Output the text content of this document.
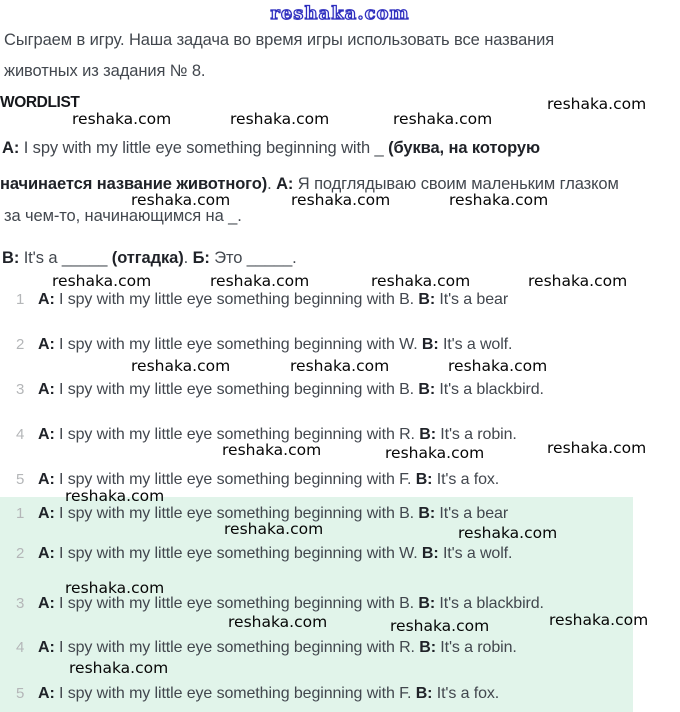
reshaka.com
Сыграем в игру. Наша задача во время игры использовать все названия
животных из задания № 8.
WORDLIST
A: I spy with my little eye something beginning with _ (буква, на которую
начинается название животного). А: Я подглядываю своим маленьким глазком
за чем-то, начинающимся на _.
B: It's a _____ (отгадка). Б: Это _____.
1 A: I spy with my little eye something beginning with B. B: It's a bear
2 A: I spy with my little eye something beginning with W. B: It's a wolf.
3 A: I spy with my little eye something beginning with B. B: It's a blackbird.
4 A: I spy with my little eye something beginning with R. B: It's a robin.
5 A: I spy with my little eye something beginning with F. B: It's a fox.
1 A: I spy with my little eye something beginning with B. B: It's a bear
2 A: I spy with my little eye something beginning with W. B: It's a wolf.
3 A: I spy with my little eye something beginning with B. B: It's a blackbird.
4 A: I spy with my little eye something beginning with R. B: It's a robin.
5 A: I spy with my little eye something beginning with F. B: It's a fox.
reshaka.com
reshaka.com	reshaka.com	reshaka.com
reshaka.com	reshaka.com	reshaka.com
reshaka.com	reshaka.com	reshaka.com	reshaka.com
reshaka.com	reshaka.com	reshaka.com
reshaka.com	reshaka.com	reshaka.com
reshaka.com
reshaka.com	reshaka.com
reshaka.com
reshaka.com	reshaka.com	reshaka.com
reshaka.com
